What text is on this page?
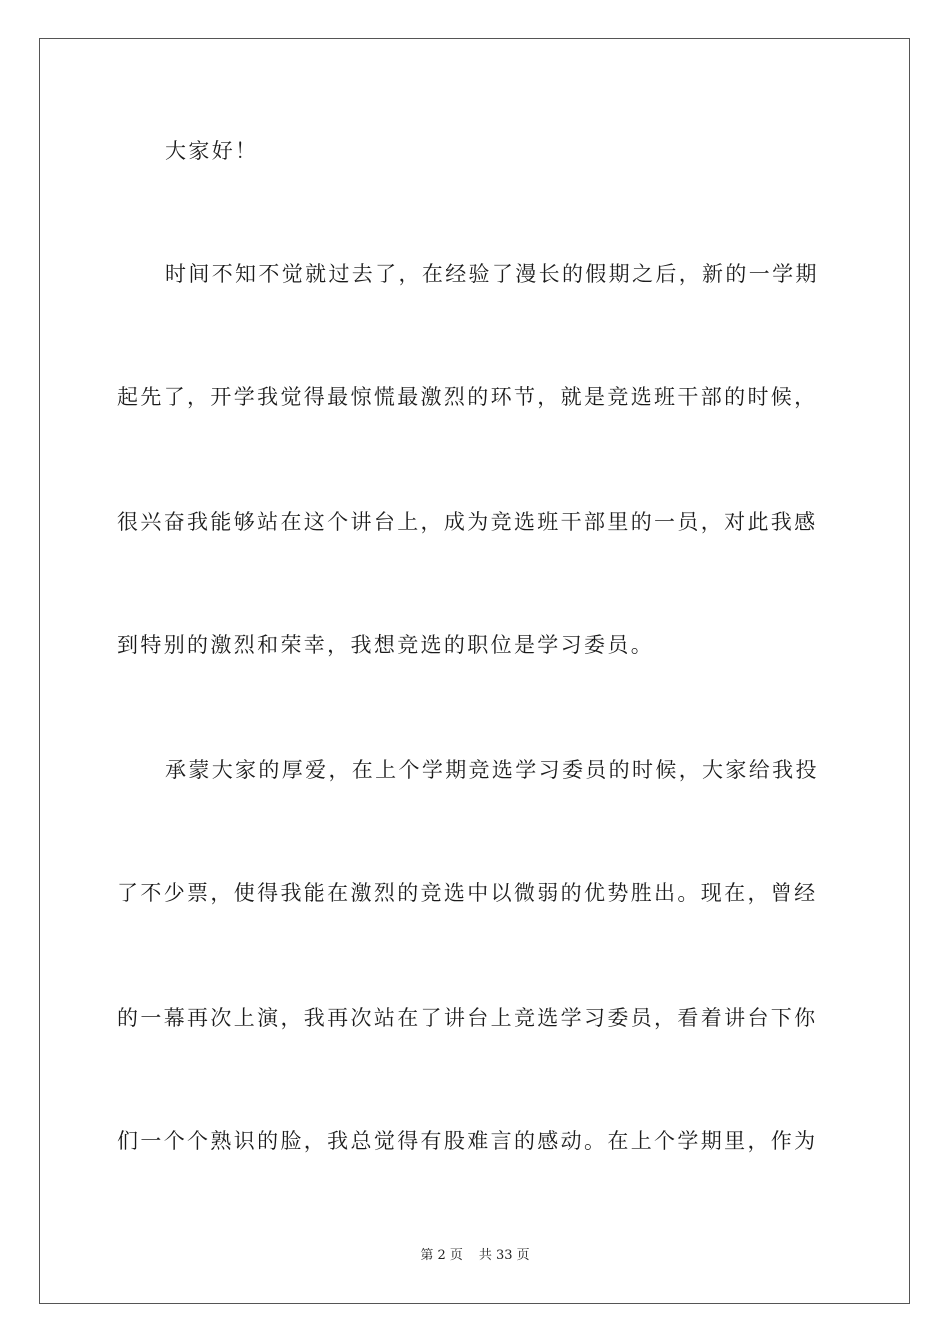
大家好！
时间不知不觉就过去了，在经验了漫长的假期之后，新的一学期
起先了，开学我觉得最惊慌最激烈的环节，就是竞选班干部的时候，
很兴奋我能够站在这个讲台上，成为竞选班干部里的一员，对此我感
到特别的激烈和荣幸，我想竞选的职位是学习委员。
承蒙大家的厚爱，在上个学期竞选学习委员的时候，大家给我投
了不少票，使得我能在激烈的竞选中以微弱的优势胜出。现在，曾经
的一幕再次上演，我再次站在了讲台上竞选学习委员，看着讲台下你
们一个个熟识的脸，我总觉得有股难言的感动。在上个学期里，作为
第 2 页 共 33 页
